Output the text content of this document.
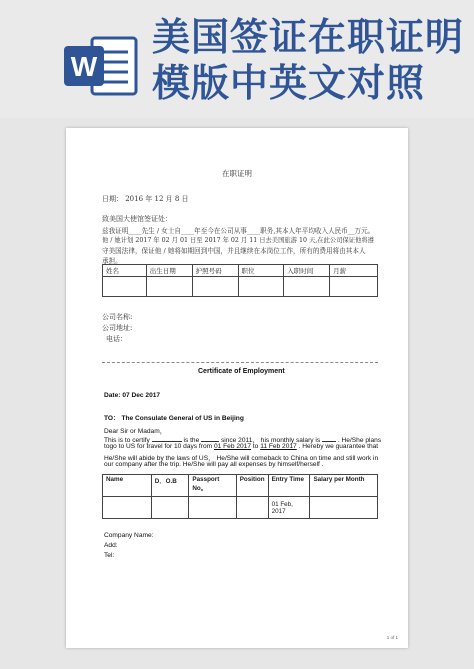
W
美国签证在职证明
模版中英文对照
在职证明
日期： 2016 年 12 月 8 日
致美国大使馆签证处：
兹我证明____先生 / 女士自____年至今在公司从事____职务,其本人年平均收入人民币__万元。
他 / 她计划 2017 年 02 月 01 日至 2017 年 02 月 11 日去美国旅游 10 天,在此公司保证他将遵
守美国法律，保证他 / 她将如期回到中国，并且继续在本岗位工作，所有的费用将由其本人
承担。
姓名	出生日期	护照号码	职位	入职时间	月薪

公司名称:
公司地址:
电话：
Certificate of Employment
Date: 07 Dec 2017
TO： The Consulate General of US in Beijing
Dear Sir or Madam，
This is to certify	is the	since 2011， his monthly salary is	. He/She plans
togo to US for travel for 10 days from 01 Feb 2017 to 11 Feb 2017 . Hereby we guarantee that
He/She will abide by the laws of US， He/She will comeback to China on time and still work in
our company after the trip. He/She will pay all expenses by himself/herself .
Name	D．O.B	Passport No。	Position	Entry Time	Salary per Month
				01 Feb, 2017	
Company Name:
Add:
Tel:
1 of 1
